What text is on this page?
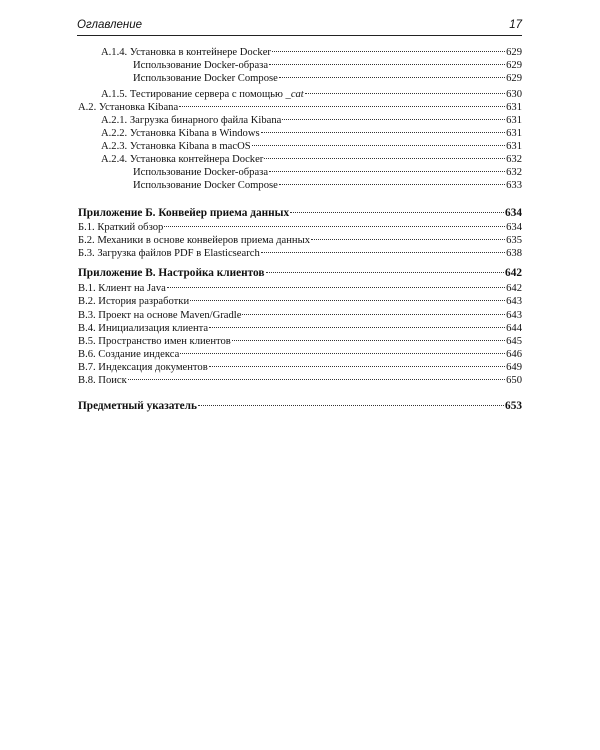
Оглавление	17
А.1.4. Установка в контейнере Docker	629
Использование Docker-образа	629
Использование Docker Compose	629
А.1.5. Тестирование сервера с помощью _cat	630
А.2. Установка Kibana	631
А.2.1. Загрузка бинарного файла Kibana	631
А.2.2. Установка Kibana в Windows	631
А.2.3. Установка Kibana в macOS	631
А.2.4. Установка контейнера Docker	632
Использование Docker-образа	632
Использование Docker Compose	633
Приложение Б. Конвейер приема данных	634
Б.1. Краткий обзор	634
Б.2. Механики в основе конвейеров приема данных	635
Б.3. Загрузка файлов PDF в Elasticsearch	638
Приложение В. Настройка клиентов	642
В.1. Клиент на Java	642
В.2. История разработки	643
В.3. Проект на основе Maven/Gradle	643
В.4. Инициализация клиента	644
В.5. Пространство имен клиентов	645
В.6. Создание индекса	646
В.7. Индексация документов	649
В.8. Поиск	650
Предметный указатель	653
